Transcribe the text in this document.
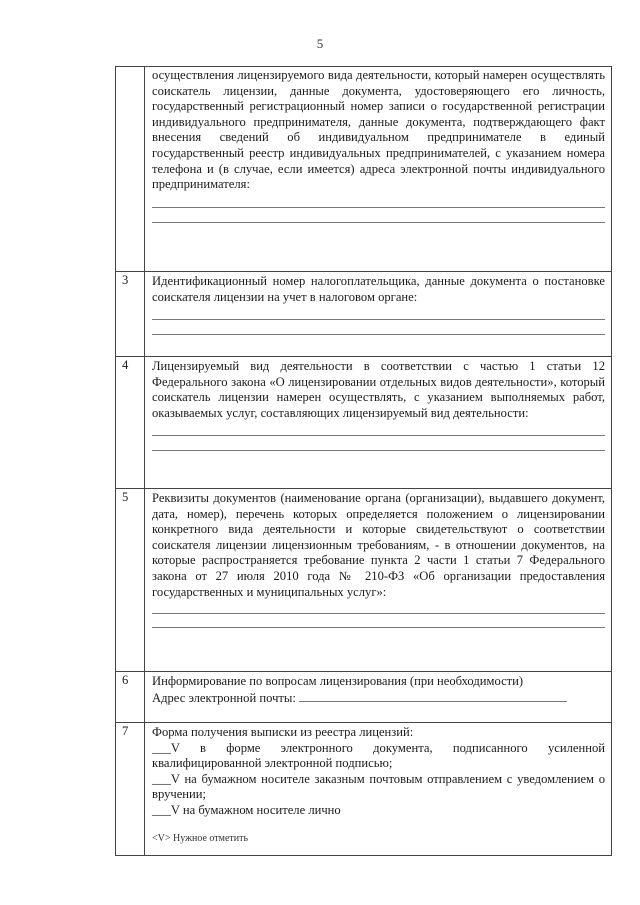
5

	осуществления лицензируемого вида деятельности, который намерен осуществлять соискатель лицензии, данные документа, удостоверяющего его личность, государственный регистрационный номер записи о государственной регистрации индивидуального предпринимателя, данные документа, подтверждающего факт внесения сведений об индивидуальном предпринимателе в единый государственный реестр индивидуальных предпринимателей, с указанием номера телефона и (в случае, если имеется) адреса электронной почты индивидуального предпринимателя:

3	Идентификационный номер налогоплательщика, данные документа о постановке соискателя лицензии на учет в налоговом органе:

4	Лицензируемый вид деятельности в соответствии с частью 1 статьи 12 Федерального закона «О лицензировании отдельных видов деятельности», который соискатель лицензии намерен осуществлять, с указанием выполняемых работ, оказываемых услуг, составляющих лицензируемый вид деятельности:

5	Реквизиты документов (наименование органа (организации), выдавшего документ, дата, номер), перечень которых определяется положением о лицензировании конкретного вида деятельности и которые свидетельствуют о соответствии соискателя лицензии лицензионным требованиям, - в отношении документов, на которые распространяется требование пункта 2 части 1 статьи 7 Федерального закона от 27 июля 2010 года № 210-ФЗ «Об организации предоставления государственных и муниципальных услуг»:

6	Информирование по вопросам лицензирования (при необходимости)
Адрес электронной почты:

7	Форма получения выписки из реестра лицензий:
___V в форме электронного документа, подписанного усиленной квалифицированной электронной подписью;
___V на бумажном носителе заказным почтовым отправлением с уведомлением о вручении;
___V на бумажном носителе лично
<V> Нужное отметить
